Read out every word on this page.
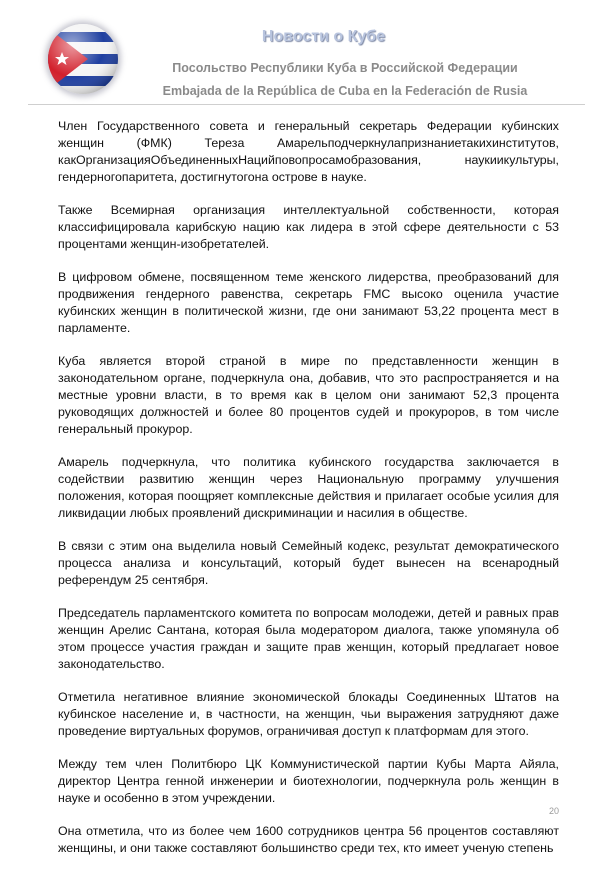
Новости о Кубе
Посольство Республики Куба в Российской Федерации
Embajada de la República de Cuba en la Federación de Rusia

Член Государственного совета и генеральный секретарь Федерации кубинских женщин (ФМК) Тереза Амарельподчеркнулапризнаниетакихинститутов, какОрганизацияОбъединенныхНацийповопросамобразования, наукиикультуры, гендерногопаритета, достигнутогона острове в науке.

Также Всемирная организация интеллектуальной собственности, которая классифицировала карибскую нацию как лидера в этой сфере деятельности с 53 процентами женщин-изобретателей.

В цифровом обмене, посвященном теме женского лидерства, преобразований для продвижения гендерного равенства, секретарь FMC высоко оценила участие кубинских женщин в политической жизни, где они занимают 53,22 процента мест в парламенте.

Куба является второй страной в мире по представленности женщин в законодательном органе, подчеркнула она, добавив, что это распространяется и на местные уровни власти, в то время как в целом они занимают 52,3 процента руководящих должностей и более 80 процентов судей и прокуроров, в том числе генеральный прокурор.

Амарель подчеркнула, что политика кубинского государства заключается в содействии развитию женщин через Национальную программу улучшения положения, которая поощряет комплексные действия и прилагает особые усилия для ликвидации любых проявлений дискриминации и насилия в обществе.

В связи с этим она выделила новый Семейный кодекс, результат демократического процесса анализа и консультаций, который будет вынесен на всенародный референдум 25 сентября.

Председатель парламентского комитета по вопросам молодежи, детей и равных прав женщин Арелис Сантана, которая была модератором диалога, также упомянула об этом процессе участия граждан и защите прав женщин, который предлагает новое законодательство.

Отметила негативное влияние экономической блокады Соединенных Штатов на кубинское население и, в частности, на женщин, чьи выражения затрудняют даже проведение виртуальных форумов, ограничивая доступ к платформам для этого.

Между тем член Политбюро ЦК Коммунистической партии Кубы Марта Айяла, директор Центра генной инженерии и биотехнологии, подчеркнула роль женщин в науке и особенно в этом учреждении.

Она отметила, что из более чем 1600 сотрудников центра 56 процентов составляют женщины, и они также составляют большинство среди тех, кто имеет ученую степень

20
